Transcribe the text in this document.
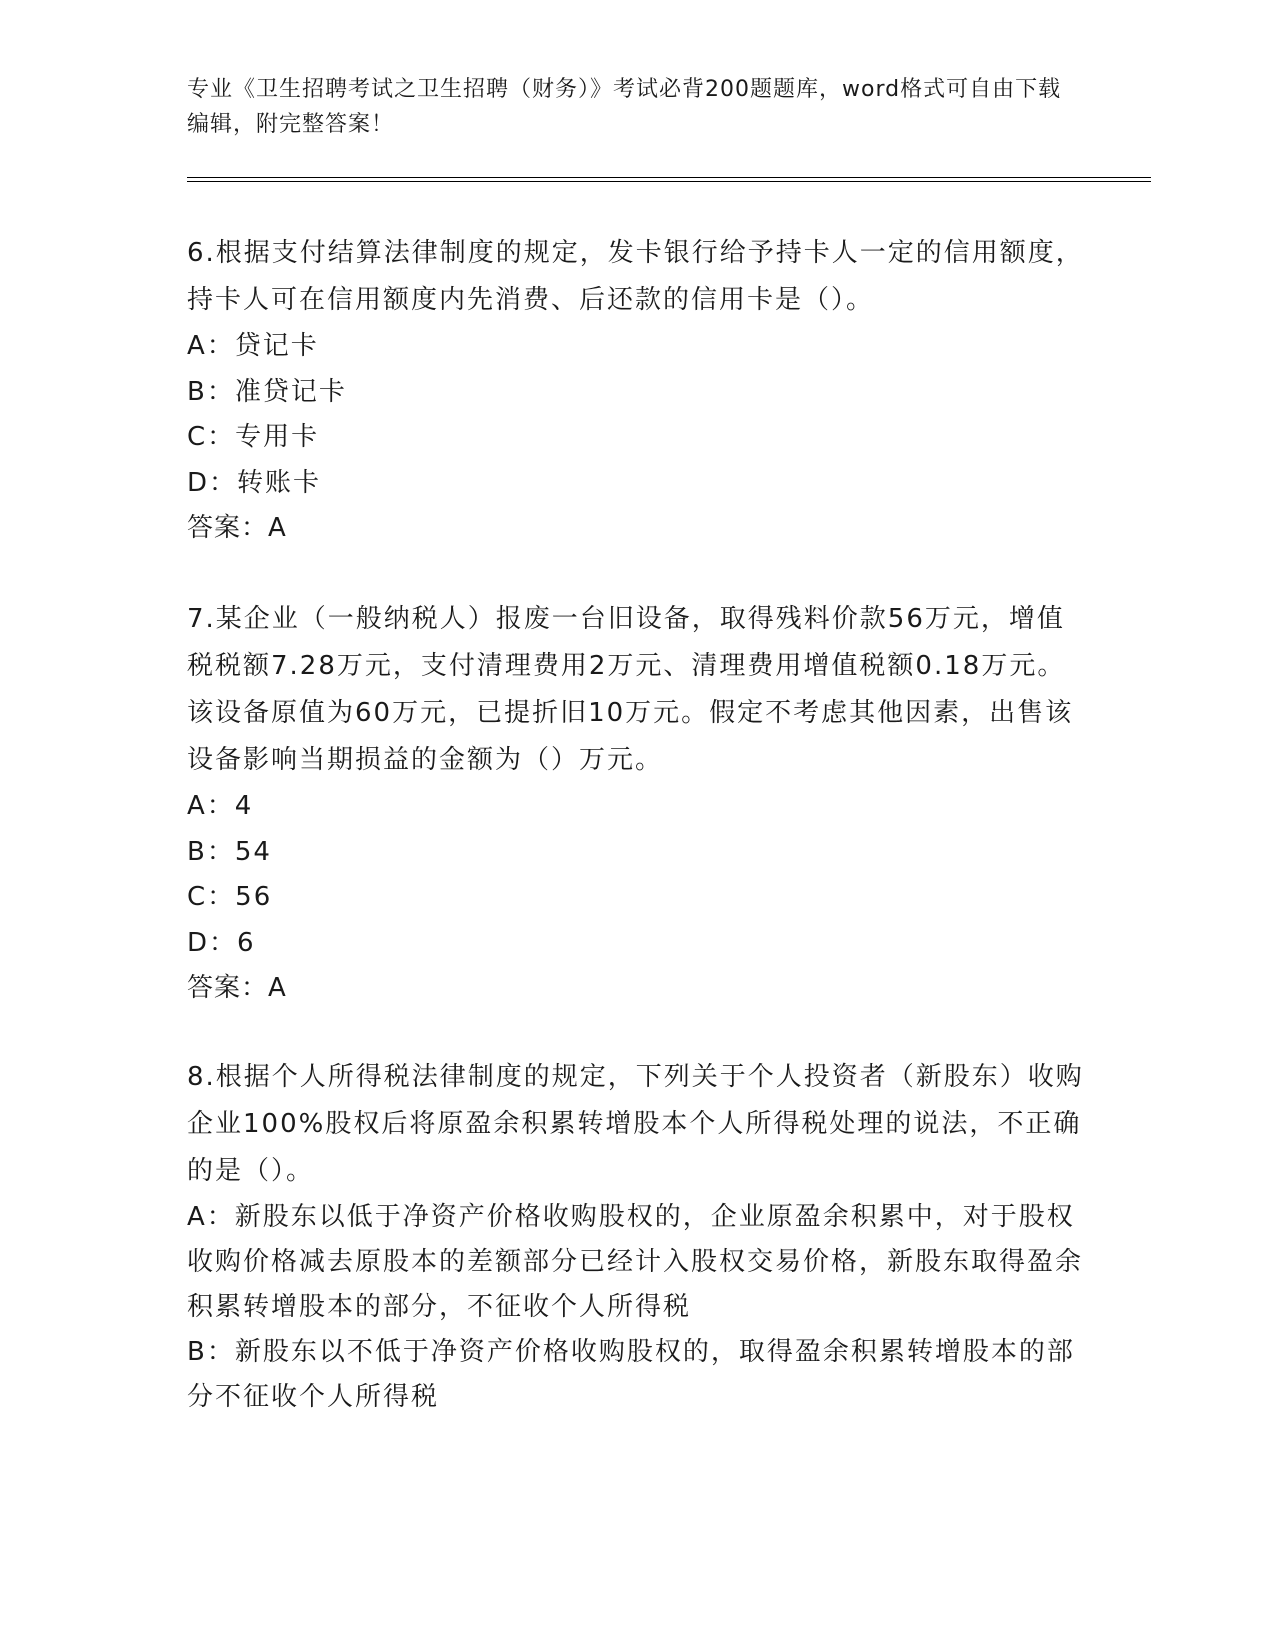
专业《卫生招聘考试之卫生招聘（财务）》考试必背200题题库，word格式可自由下载编辑，附完整答案！
6.根据支付结算法律制度的规定，发卡银行给予持卡人一定的信用额度，持卡人可在信用额度内先消费、后还款的信用卡是（）。
A：贷记卡
B：准贷记卡
C：专用卡
D：转账卡
答案：A
7.某企业（一般纳税人）报废一台旧设备，取得残料价款56万元，增值税税额7.28万元，支付清理费用2万元、清理费用增值税额0.18万元。该设备原值为60万元，已提折旧10万元。假定不考虑其他因素，出售该设备影响当期损益的金额为（）万元。
A：4
B：54
C：56
D：6
答案：A
8.根据个人所得税法律制度的规定，下列关于个人投资者（新股东）收购企业100%股权后将原盈余积累转增股本个人所得税处理的说法，不正确的是（）。
A：新股东以低于净资产价格收购股权的，企业原盈余积累中，对于股权收购价格减去原股本的差额部分已经计入股权交易价格，新股东取得盈余积累转增股本的部分，不征收个人所得税
B：新股东以不低于净资产价格收购股权的，取得盈余积累转增股本的部分不征收个人所得税
